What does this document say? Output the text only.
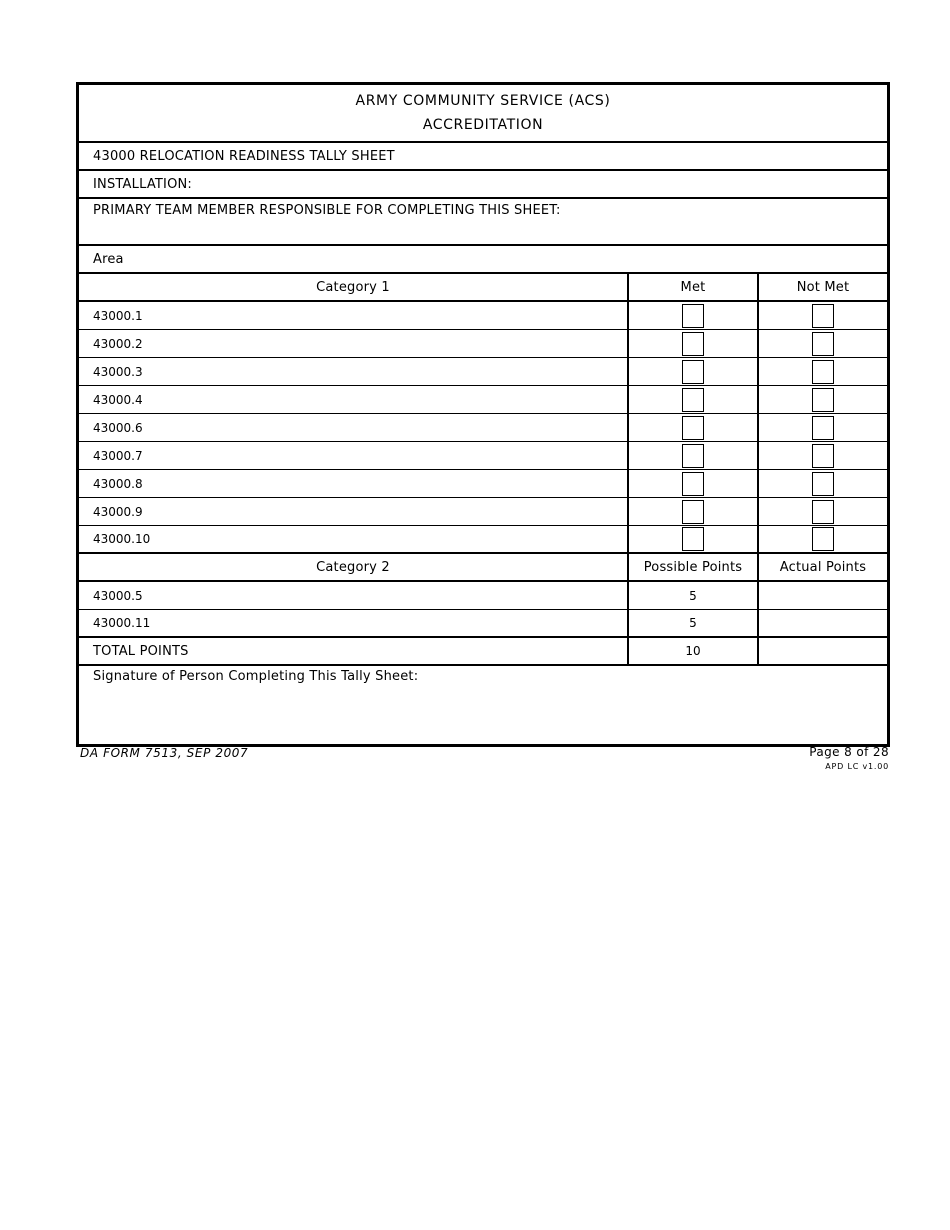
ARMY COMMUNITY SERVICE (ACS)
ACCREDITATION
43000 RELOCATION READINESS TALLY SHEET
INSTALLATION:
PRIMARY TEAM MEMBER RESPONSIBLE FOR COMPLETING THIS SHEET:
Area
Category 1	Met	Not Met
43000.1
43000.2
43000.3
43000.4
43000.6
43000.7
43000.8
43000.9
43000.10
Category 2	Possible Points	Actual Points
43000.5	5
43000.11	5
TOTAL POINTS	10
Signature of Person Completing This Tally Sheet:
DA FORM 7513, SEP 2007	Page 8 of 28
APD LC v1.00
